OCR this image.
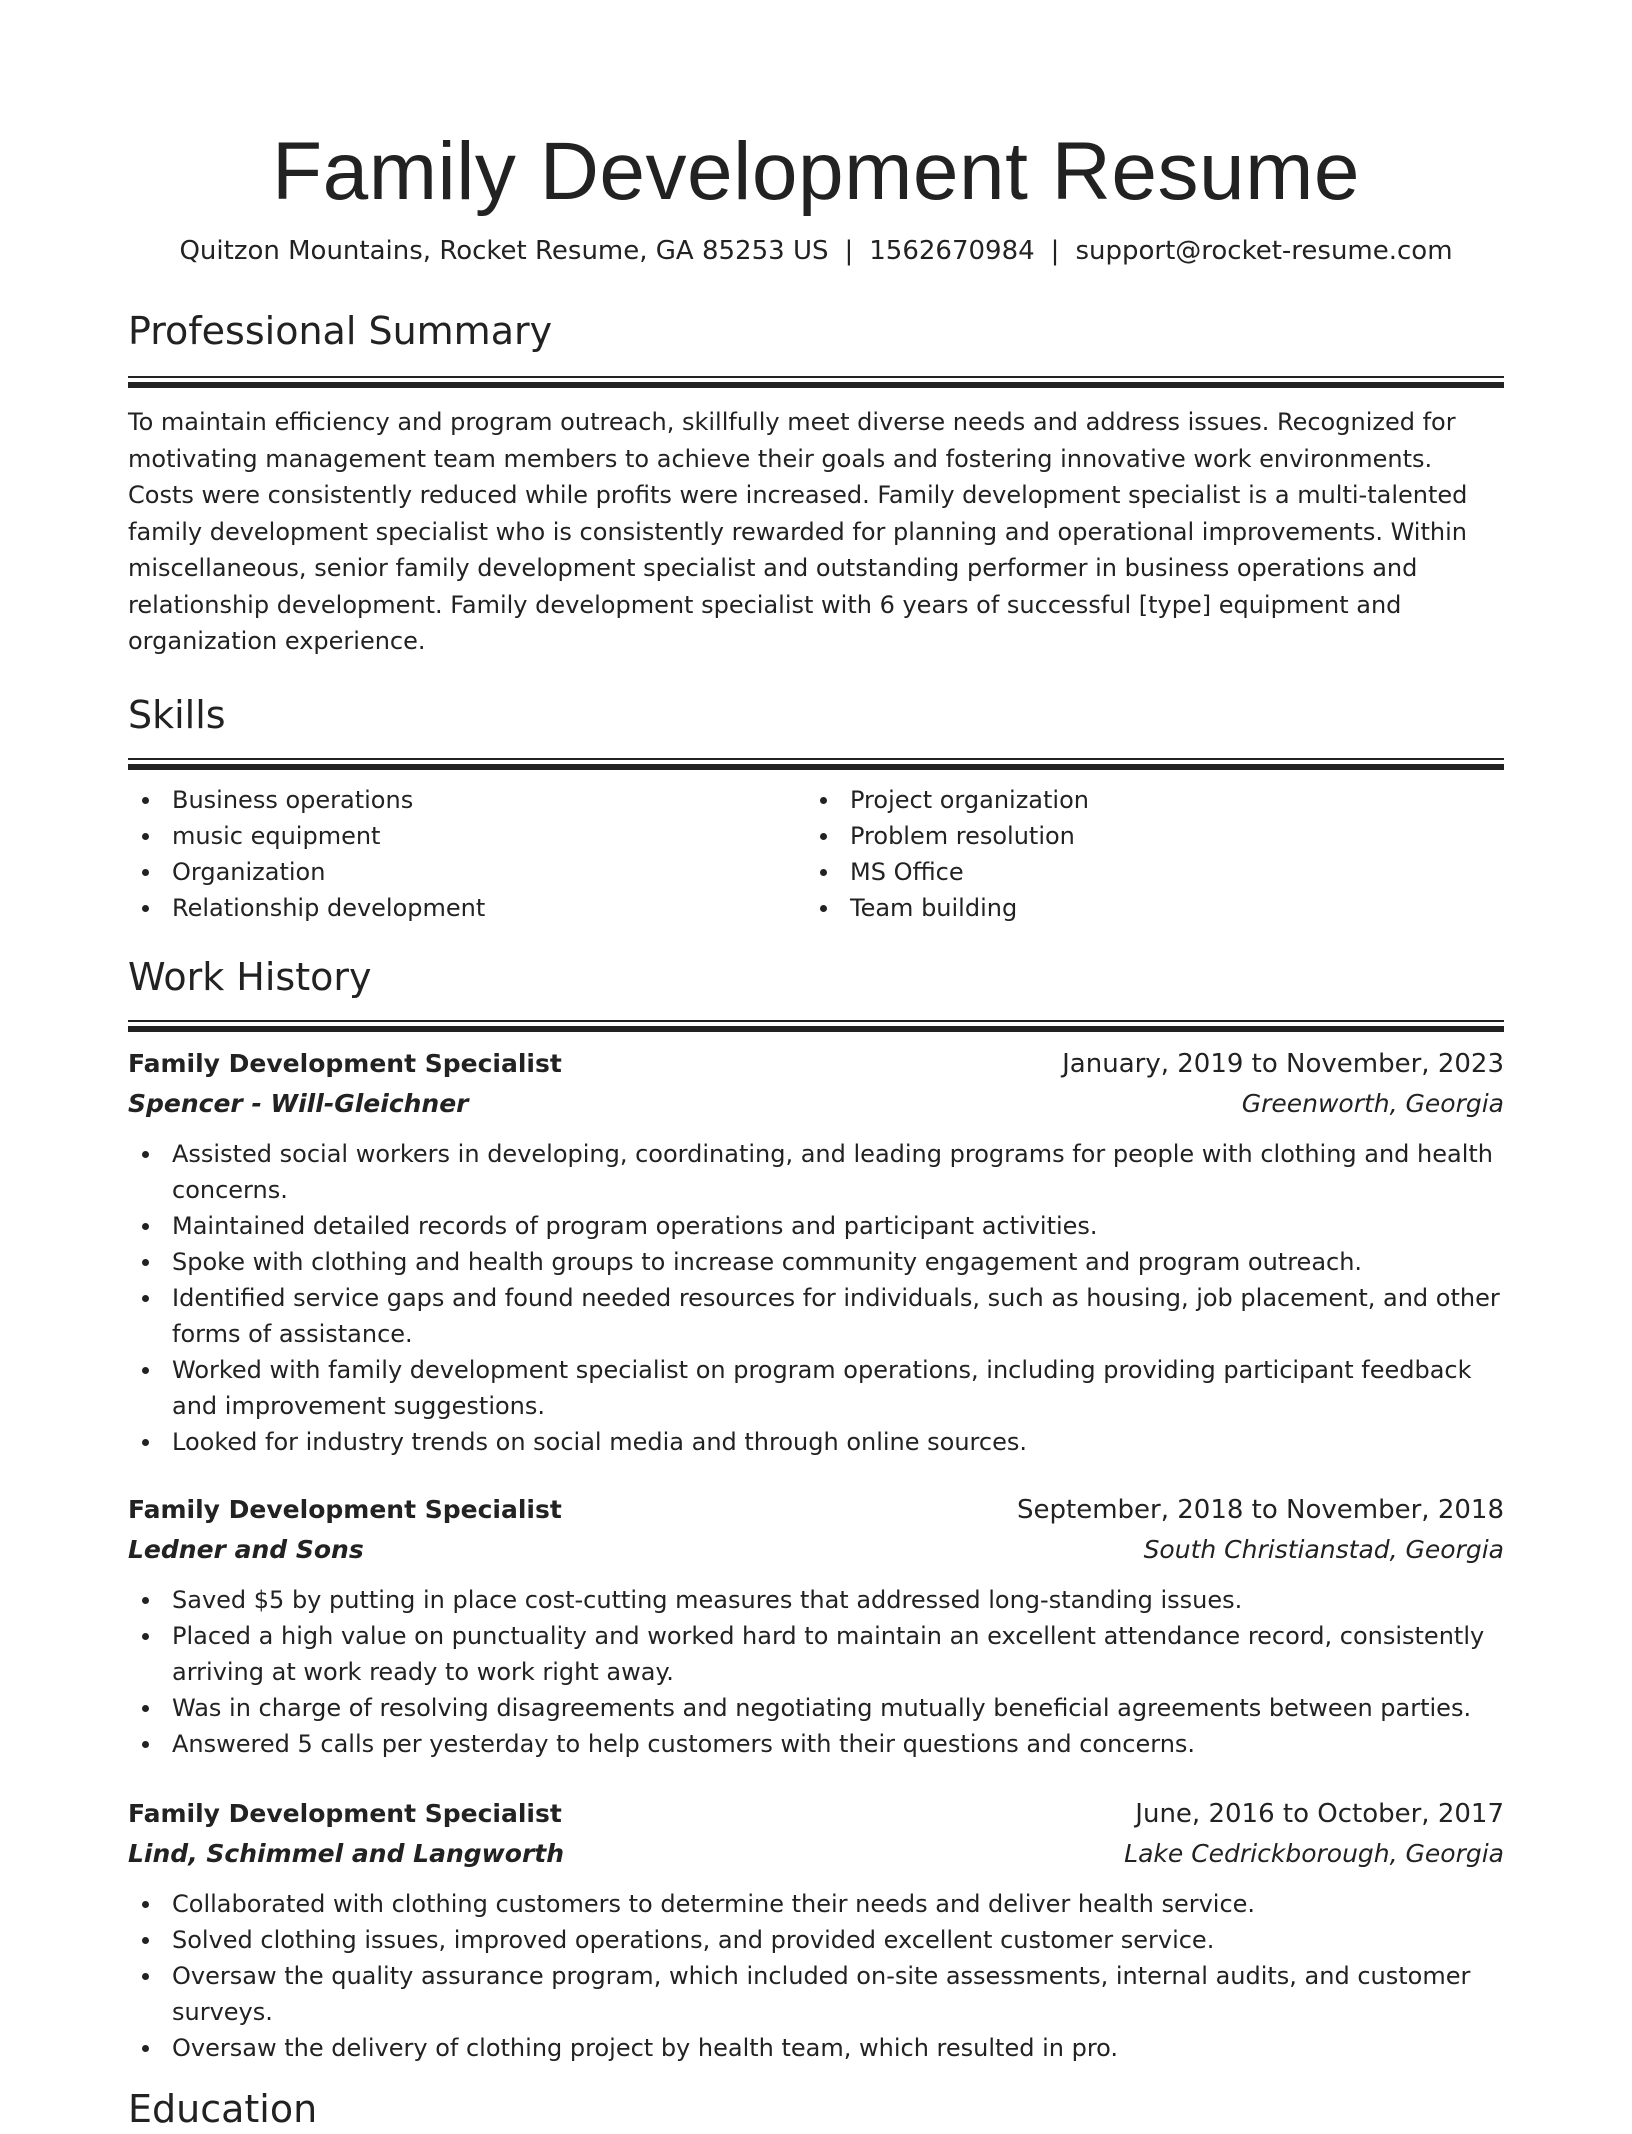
Family Development Resume
Quitzon Mountains, Rocket Resume, GA 85253 US | 1562670984 | support@rocket-resume.com
Professional Summary

To maintain efficiency and program outreach, skillfully meet diverse needs and address issues. Recognized for motivating management team members to achieve their goals and fostering innovative work environments. Costs were consistently reduced while profits were increased. Family development specialist is a multi-talented family development specialist who is consistently rewarded for planning and operational improvements. Within miscellaneous, senior family development specialist and outstanding performer in business operations and relationship development. Family development specialist with 6 years of successful [type] equipment and organization experience.

Skills
Business operations
music equipment
Organization
Relationship development
Project organization
Problem resolution
MS Office
Team building
Work History
Family Development Specialist	January, 2019 to November, 2023
Spencer - Will-Gleichner	Greenworth, Georgia
Assisted social workers in developing, coordinating, and leading programs for people with clothing and health concerns.
Maintained detailed records of program operations and participant activities.
Spoke with clothing and health groups to increase community engagement and program outreach.
Identified service gaps and found needed resources for individuals, such as housing, job placement, and other forms of assistance.
Worked with family development specialist on program operations, including providing participant feedback and improvement suggestions.
Looked for industry trends on social media and through online sources.
Family Development Specialist	September, 2018 to November, 2018
Ledner and Sons	South Christianstad, Georgia
Saved $5 by putting in place cost-cutting measures that addressed long-standing issues.
Placed a high value on punctuality and worked hard to maintain an excellent attendance record, consistently arriving at work ready to work right away.
Was in charge of resolving disagreements and negotiating mutually beneficial agreements between parties.
Answered 5 calls per yesterday to help customers with their questions and concerns.
Family Development Specialist	June, 2016 to October, 2017
Lind, Schimmel and Langworth	Lake Cedrickborough, Georgia
Collaborated with clothing customers to determine their needs and deliver health service.
Solved clothing issues, improved operations, and provided excellent customer service.
Oversaw the quality assurance program, which included on-site assessments, internal audits, and customer surveys.
Oversaw the delivery of clothing project by health team, which resulted in pro.
Education
